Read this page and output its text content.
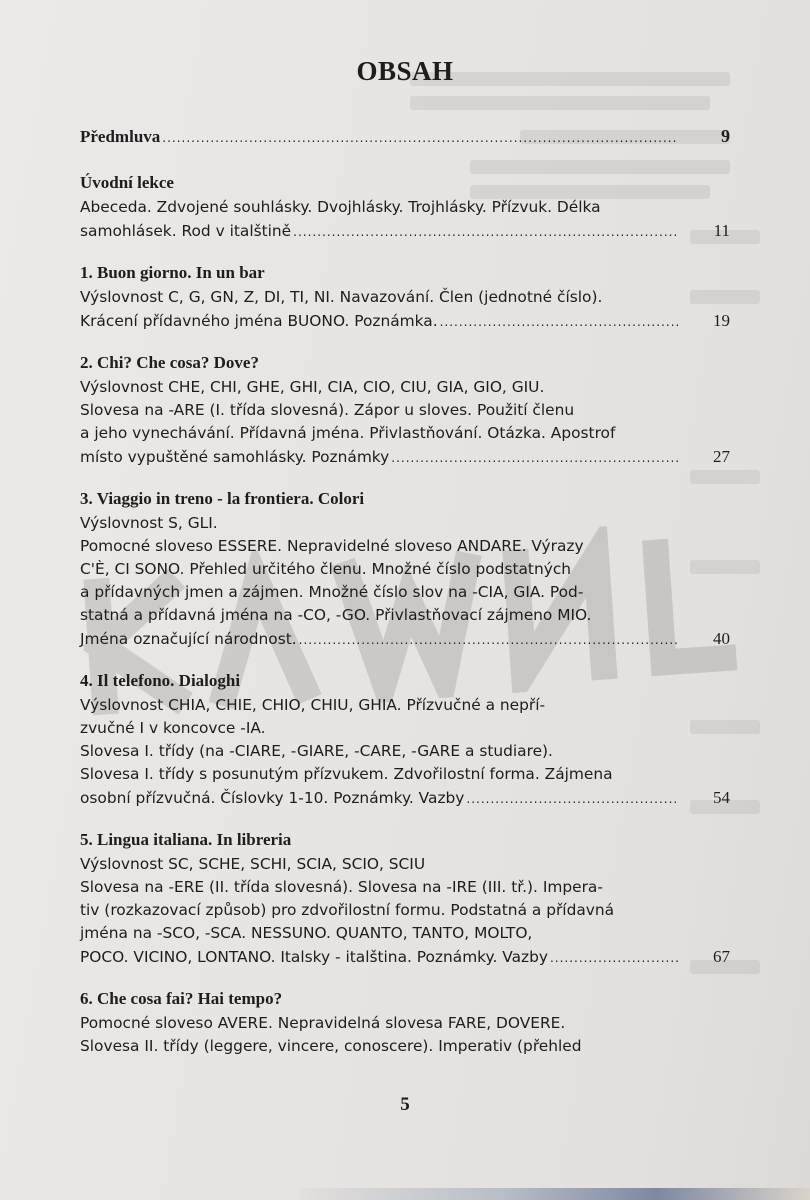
OBSAH
Předmluva .....	9
Úvodní lekce
Abeceda. Zdvojené souhlásky. Dvojhlásky. Trojhlásky. Přízvuk. Délka
samohlásek. Rod v italštině .....	11
1. Buon giorno. In un bar
Výslovnost C, G, GN, Z, DI, TI, NI. Navazování. Člen (jednotné číslo).
Krácení přídavného jména BUONO. Poznámka. .....	19
2. Chi? Che cosa? Dove?
Výslovnost CHE, CHI, GHE, GHI, CIA, CIO, CIU, GIA, GIO, GIU.
Slovesa na -ARE (I. třída slovesná). Zápor u sloves. Použití členu
a jeho vynechávání. Přídavná jména. Přivlastňování. Otázka. Apostrof
místo vypuštěné samohlásky. Poznámky .....	27
3. Viaggio in treno - la frontiera. Colori
Výslovnost S, GLI.
Pomocné sloveso ESSERE. Nepravidelné sloveso ANDARE. Výrazy
C'È, CI SONO. Přehled určitého členu. Množné číslo podstatných
a přídavných jmen a zájmen. Množné číslo slov na -CIA, GIA. Pod-
statná a přídavná jména na -CO, -GO. Přivlastňovací zájmeno MIO.
Jména označující národnost. .....	40
4. Il telefono. Dialoghi
Výslovnost CHIA, CHIE, CHIO, CHIU, GHIA. Přízvučné a nepří-
zvučné I v koncovce -IA.
Slovesa I. třídy (na -CIARE, -GIARE, -CARE, -GARE a studiare).
Slovesa I. třídy s posunutým přízvukem. Zdvořilostní forma. Zájmena
osobní přízvučná. Číslovky 1-10. Poznámky. Vazby .....	54
5. Lingua italiana. In libreria
Výslovnost SC, SCHE, SCHI, SCIA, SCIO, SCIU
Slovesa na -ERE (II. třída slovesná). Slovesa na -IRE (III. tř.). Impera-
tiv (rozkazovací způsob) pro zdvořilostní formu. Podstatná a přídavná
jména na -SCO, -SCA. NESSUNO. QUANTO, TANTO, MOLTO,
POCO. VICINO, LONTANO. Italsky - italština. Poznámky. Vazby .....	67
6. Che cosa fai? Hai tempo?
Pomocné sloveso AVERE. Nepravidelná slovesa FARE, DOVERE.
Slovesa II. třídy (leggere, vincere, conoscere). Imperativ (přehled
5
